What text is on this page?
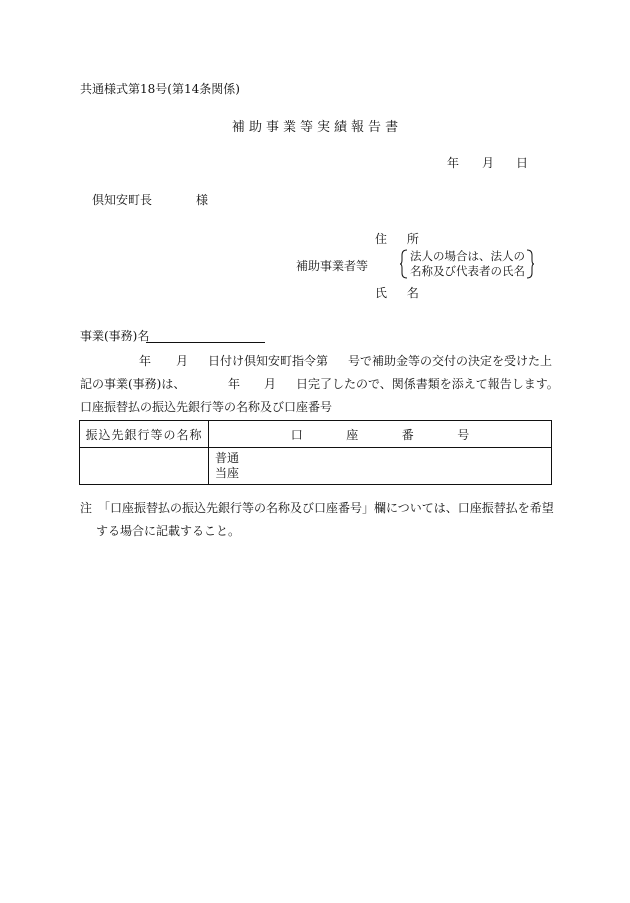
共通様式第18号(第14条関係)
補 助 事 業 等 実 績 報 告 書
年 月 日
倶知安町長	様
住 所
補助事業者等
法人の場合は、法人の
名称及び代表者の氏名
氏 名
事業(事務)名
年 月 日付け倶知安町指令第 号で補助金等の交付の決定を受けた上
記の事業(事務)は、	年 月 日完了したので、関係書類を添えて報告します。
口座振替払の振込先銀行等の名称及び口座番号
振込先銀行等の名称	口 座 番 号

	普通
当座
注　「口座振替払の振込先銀行等の名称及び口座番号」欄については、口座振替払を希望
する場合に記載すること。
